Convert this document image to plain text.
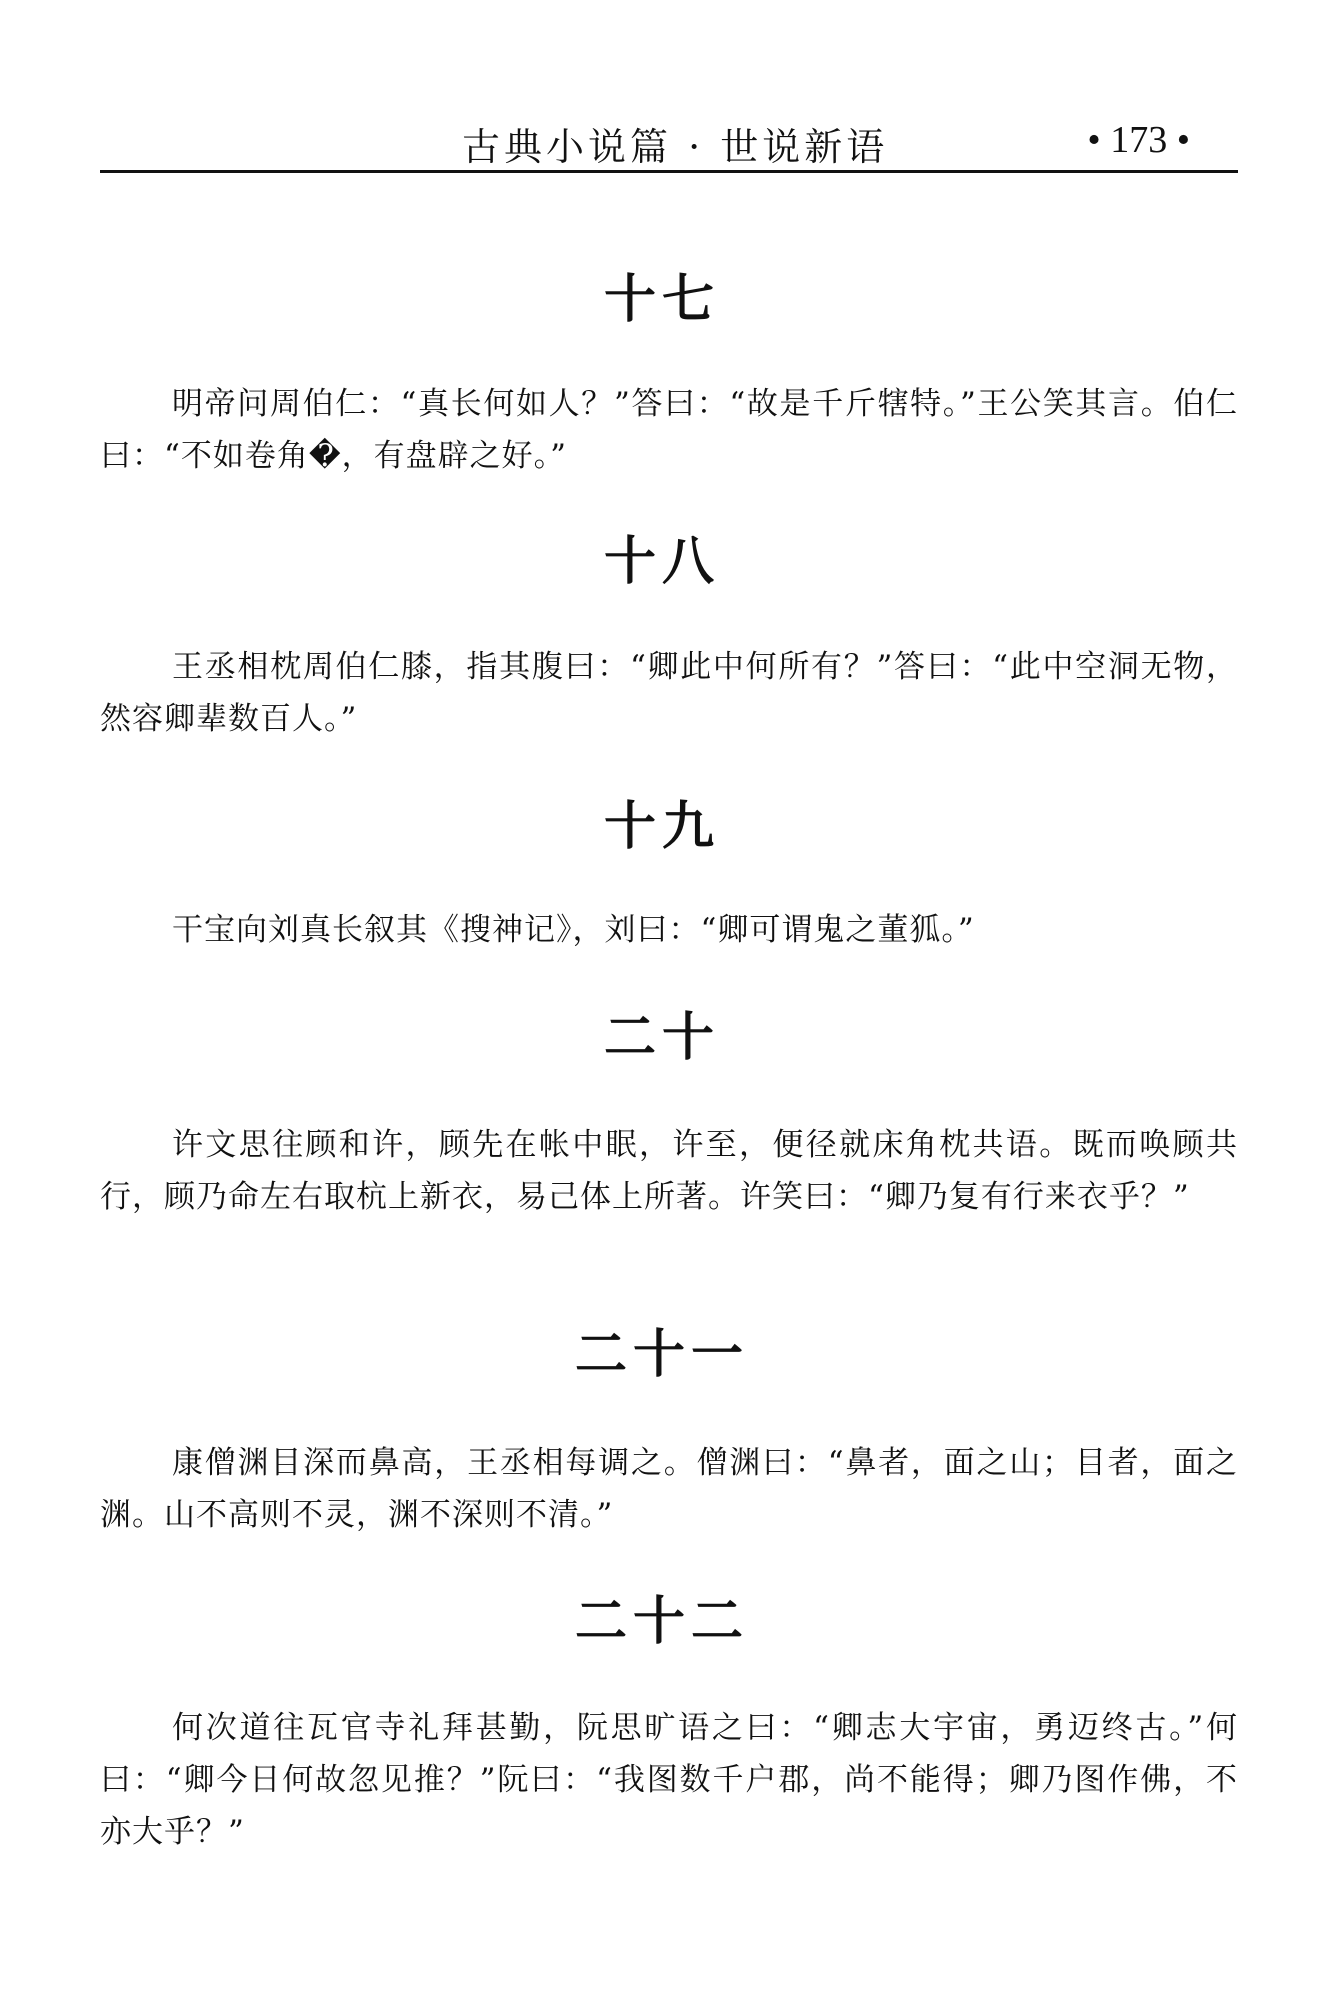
古典小说篇 · 世说新语	• 173 •
十七

明帝问周伯仁：“真长何如人？”答曰：“故是千斤犗特。”王公笑其言。伯仁曰：“不如卷角�，有盘辟之好。”

十八

王丞相枕周伯仁膝，指其腹曰：“卿此中何所有？”答曰：“此中空洞无物，然容卿辈数百人。”

十九

干宝向刘真长叙其《搜神记》，刘曰：“卿可谓鬼之董狐。”

二十

许文思往顾和许，顾先在帐中眠，许至，便径就床角枕共语。既而唤顾共行，顾乃命左右取杭上新衣，易己体上所著。许笑曰：“卿乃复有行来衣乎？”

二十一

康僧渊目深而鼻高，王丞相每调之。僧渊曰：“鼻者，面之山；目者，面之渊。山不高则不灵，渊不深则不清。”

二十二

何次道往瓦官寺礼拜甚勤，阮思旷语之曰：“卿志大宇宙，勇迈终古。”何曰：“卿今日何故忽见推？”阮曰：“我图数千户郡，尚不能得；卿乃图作佛，不亦大乎？”
